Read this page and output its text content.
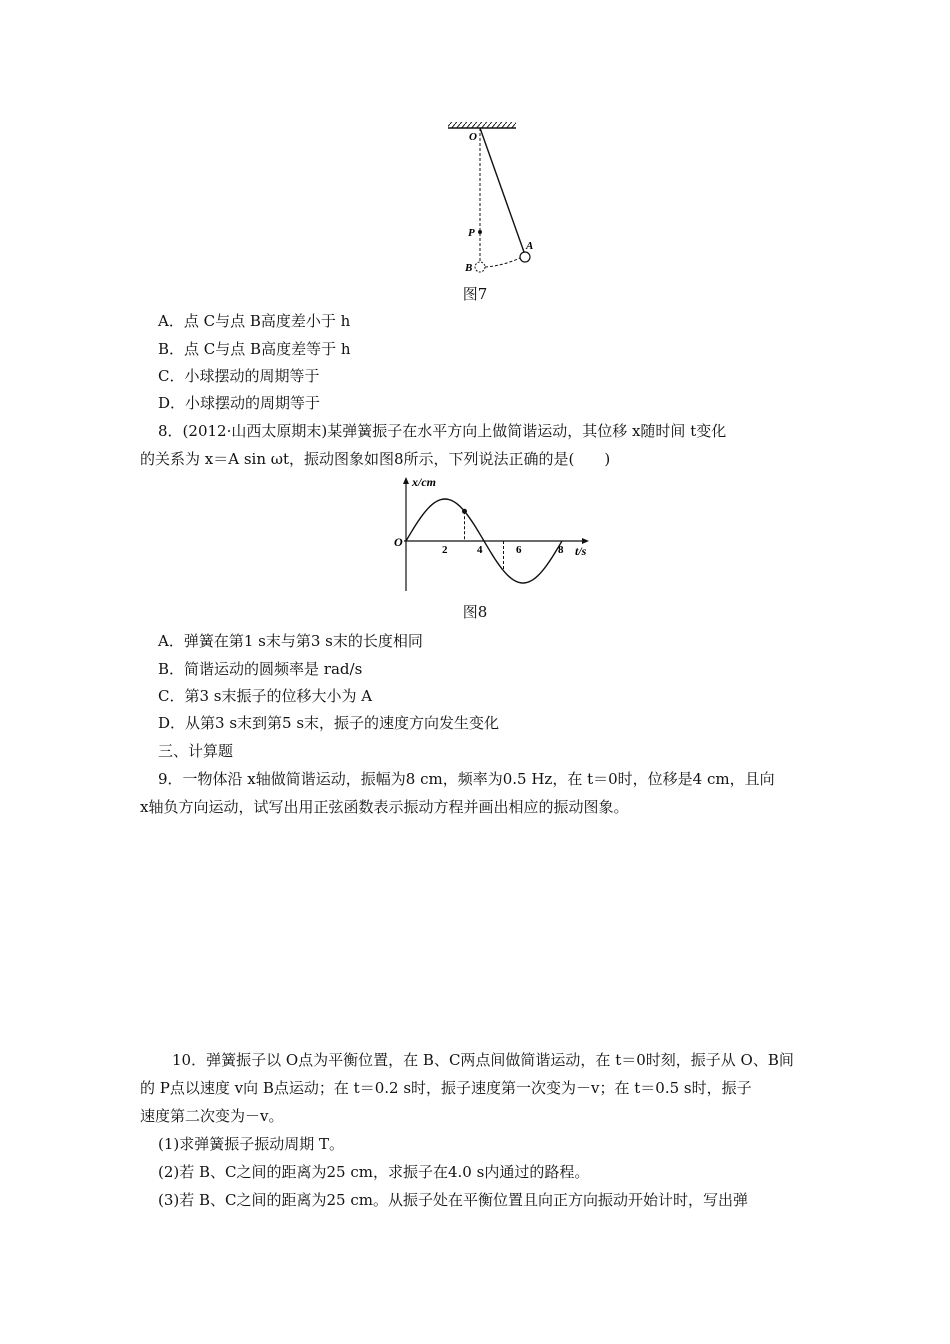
O
P
A
B
图7
A．点 C与点 B高度差小于 h
B．点 C与点 B高度差等于 h
C．小球摆动的周期等于
D．小球摆动的周期等于
8．(2012·山西太原期末)某弹簧振子在水平方向上做简谐运动，其位移 x随时间 t变化
的关系为 x＝A sin ωt，振动图象如图8所示，下列说法正确的是(　　)
x/cm
t/s
O
2	4	6	8
图8
A．弹簧在第1 s末与第3 s末的长度相同
B．简谐运动的圆频率是 rad/s
C．第3 s末振子的位移大小为 A
D．从第3 s末到第5 s末，振子的速度方向发生变化
三、计算题
9．一物体沿 x轴做简谐运动，振幅为8 cm，频率为0.5 Hz，在 t＝0时，位移是4 cm，且向
x轴负方向运动，试写出用正弦函数表示振动方程并画出相应的振动图象。
10．弹簧振子以 O点为平衡位置，在 B、C两点间做简谐运动，在 t＝0时刻，振子从 O、B间
的 P点以速度 v向 B点运动；在 t＝0.2 s时，振子速度第一次变为－v；在 t＝0.5 s时，振子
速度第二次变为－v。
(1)求弹簧振子振动周期 T。
(2)若 B、C之间的距离为25 cm，求振子在4.0 s内通过的路程。
(3)若 B、C之间的距离为25 cm。从振子处在平衡位置且向正方向振动开始计时，写出弹
